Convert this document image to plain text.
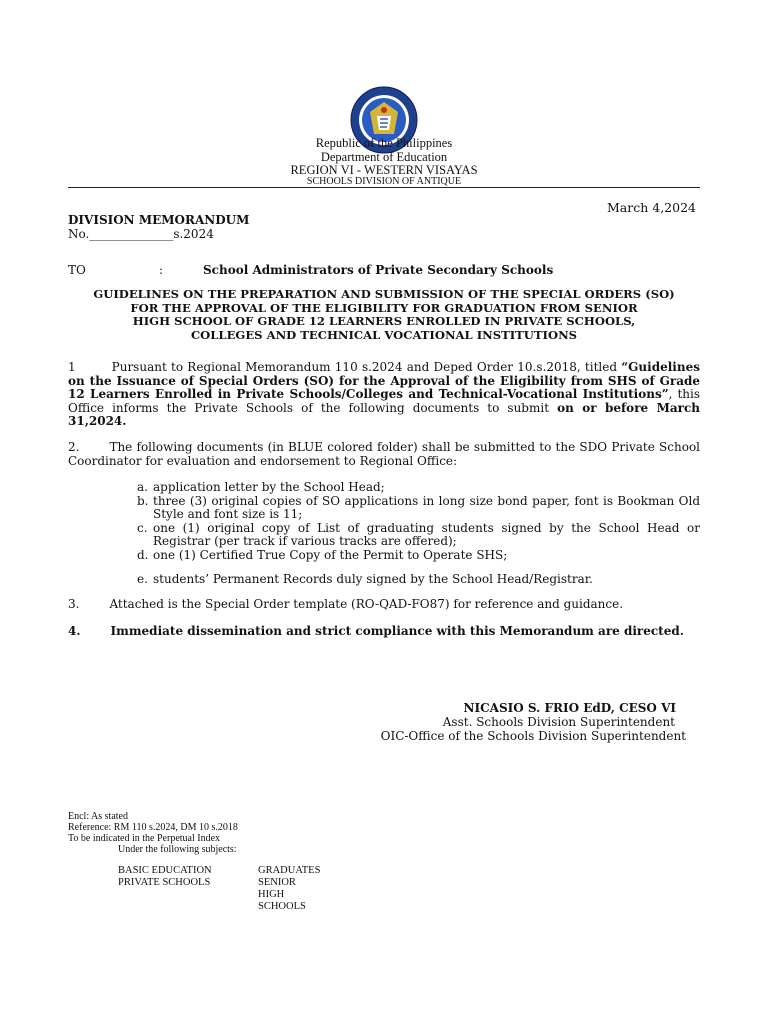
Republic of the Philippines
Department of Education
REGION VI - WESTERN VISAYAS
SCHOOLS DIVISION OF ANTIQUE
March 4,2024
DIVISION MEMORANDUM
No.______________s.2024
TO	:	School Administrators of Private Secondary Schools
GUIDELINES ON THE PREPARATION AND SUBMISSION OF THE SPECIAL ORDERS (SO)
FOR THE APPROVAL OF THE ELIGIBILITY FOR GRADUATION FROM SENIOR
HIGH SCHOOL OF GRADE 12 LEARNERS ENROLLED IN PRIVATE SCHOOLS,
COLLEGES AND TECHNICAL VOCATIONAL INSTITUTIONS
1	Pursuant to Regional Memorandum 110 s.2024 and Deped Order 10.s.2018, titled “Guidelines on the Issuance of Special Orders (SO) for the Approval of the Eligibility from SHS of Grade 12 Learners Enrolled in Private Schools/Colleges and Technical-Vocational Institutions”, this Office informs the Private Schools of the following documents to submit on or before March 31,2024.
2.	The following documents (in BLUE colored folder) shall be submitted to the SDO Private School Coordinator for evaluation and endorsement to Regional Office:
a. application letter by the School Head;
b. three (3) original copies of SO applications in long size bond paper, font is Bookman Old Style and font size is 11;
c. one (1) original copy of List of graduating students signed by the School Head or Registrar (per track if various tracks are offered);
d. one (1) Certified True Copy of the Permit to Operate SHS;
e. students’ Permanent Records duly signed by the School Head/Registrar.
3.	Attached is the Special Order template (RO-QAD-FO87) for reference and guidance.
4.	Immediate dissemination and strict compliance with this Memorandum are directed.
NICASIO S. FRIO EdD, CESO VI
Asst. Schools Division Superintendent
OIC-Office of the Schools Division Superintendent
Encl: As stated
Reference: RM 110 s.2024, DM 10 s.2018
To be indicated in the Perpetual Index
Under the following subjects:
BASIC EDUCATION	GRADUATES
PRIVATE SCHOOLS	SENIOR HIGH SCHOOLS
